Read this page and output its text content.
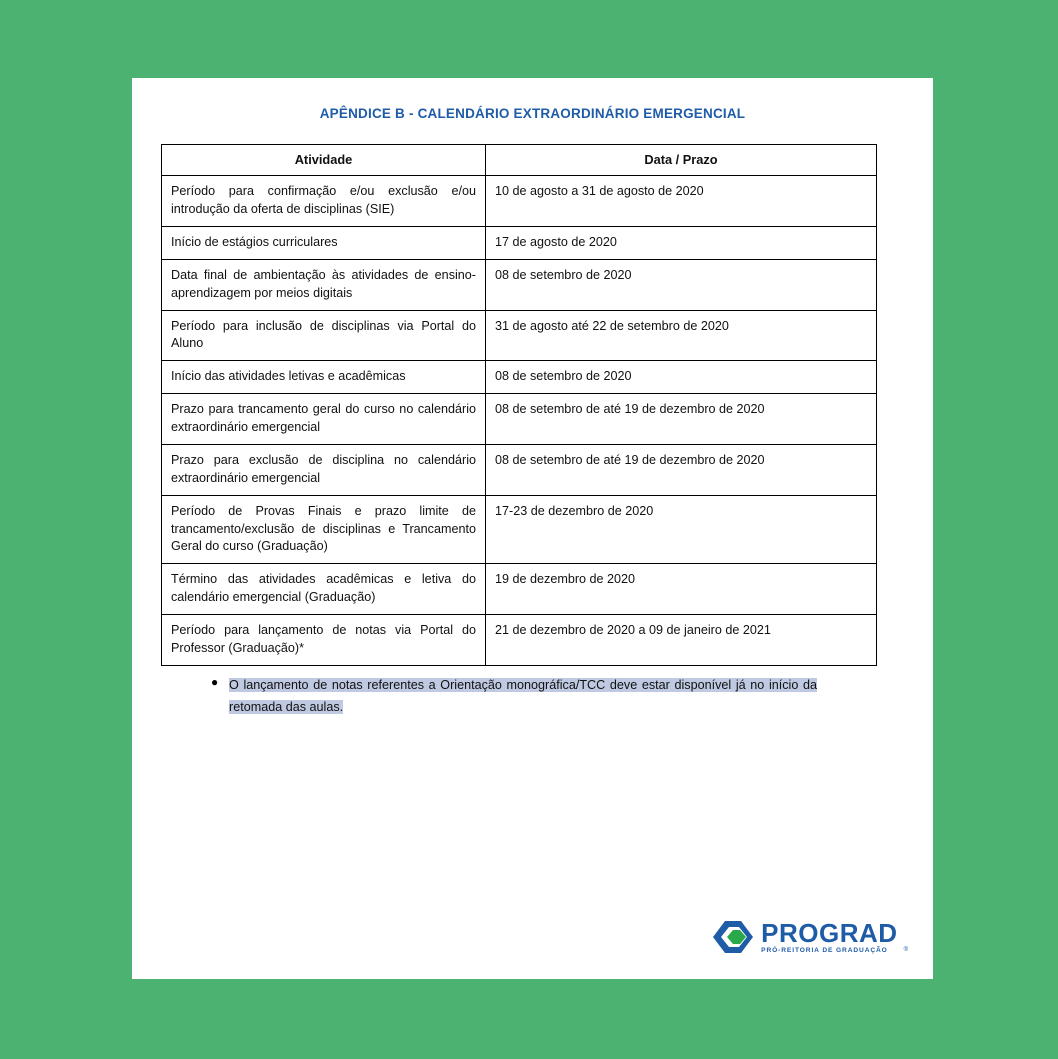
APÊNDICE B - CALENDÁRIO EXTRAORDINÁRIO EMERGENCIAL
Atividade	Data / Prazo
Período para confirmação e/ou exclusão e/ou introdução da oferta de disciplinas (SIE)	10 de agosto a 31 de agosto de 2020
Início de estágios curriculares	17 de agosto de 2020
Data final de ambientação às atividades de ensino-aprendizagem por meios digitais	08 de setembro de 2020
Período para inclusão de disciplinas via Portal do Aluno	31 de agosto até 22 de setembro de 2020
Início das atividades letivas e acadêmicas	08 de setembro de 2020
Prazo para trancamento geral do curso no calendário extraordinário emergencial	08 de setembro de até 19 de dezembro de 2020
Prazo para exclusão de disciplina no calendário extraordinário emergencial	08 de setembro de até 19 de dezembro de 2020
Período de Provas Finais e prazo limite de trancamento/exclusão de disciplinas e Trancamento Geral do curso (Graduação)	17-23 de dezembro de 2020
Término das atividades acadêmicas e letiva do calendário emergencial (Graduação)	19 de dezembro de 2020
Período para lançamento de notas via Portal do Professor (Graduação)*	21 de dezembro de 2020 a 09 de janeiro de 2021
● O lançamento de notas referentes a Orientação monográfica/TCC deve estar disponível já no início da retomada das aulas.
PROGRAD
PRÓ-REITORIA DE GRADUAÇÃO	®
